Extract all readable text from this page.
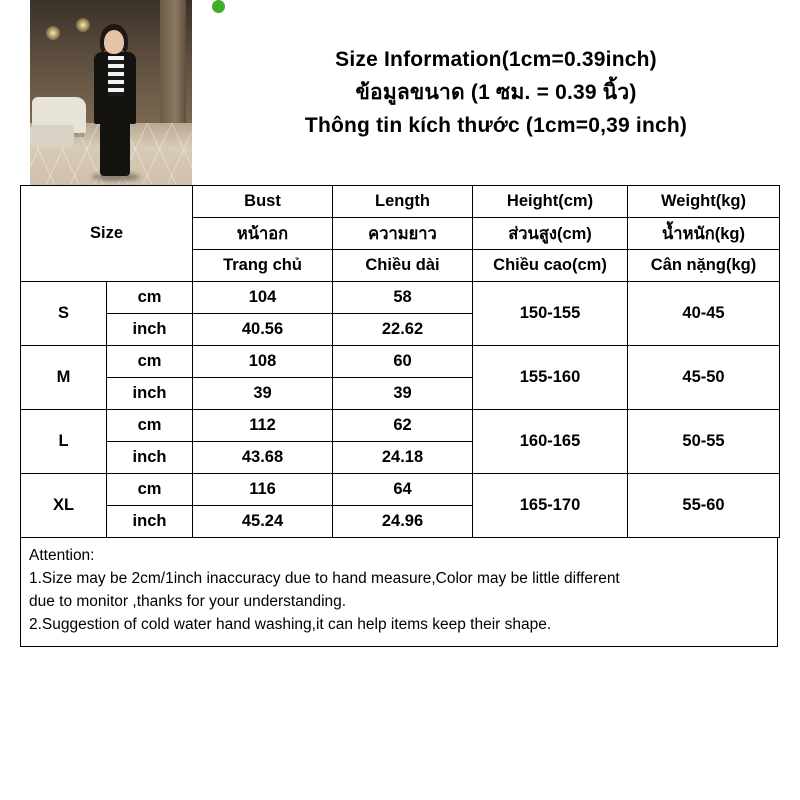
Size Information(1cm=0.39inch)
ข้อมูลขนาด (1 ซม. = 0.39 นิ้ว)
Thông tin kích thước (1cm=0,39 inch)
Size		Bust	Length	Height(cm)	Weight(kg)
		หน้าอก	ความยาว	ส่วนสูง(cm)	น้ำหนัก(kg)
		Trang chủ	Chiều dài	Chiều cao(cm)	Cân nặng(kg)
S	cm	104	58	150-155	40-45
	inch	40.56	22.62		
M	cm	108	60	155-160	45-50
	inch	39	39		
L	cm	112	62	160-165	50-55
	inch	43.68	24.18		
XL	cm	116	64	165-170	55-60
	inch	45.24	24.96		

Attention:

1.Size may be 2cm/1inch inaccuracy due to hand measure,Color may be little different

due to monitor ,thanks for your understanding.

2.Suggestion of cold water hand washing,it can help items keep their shape.
